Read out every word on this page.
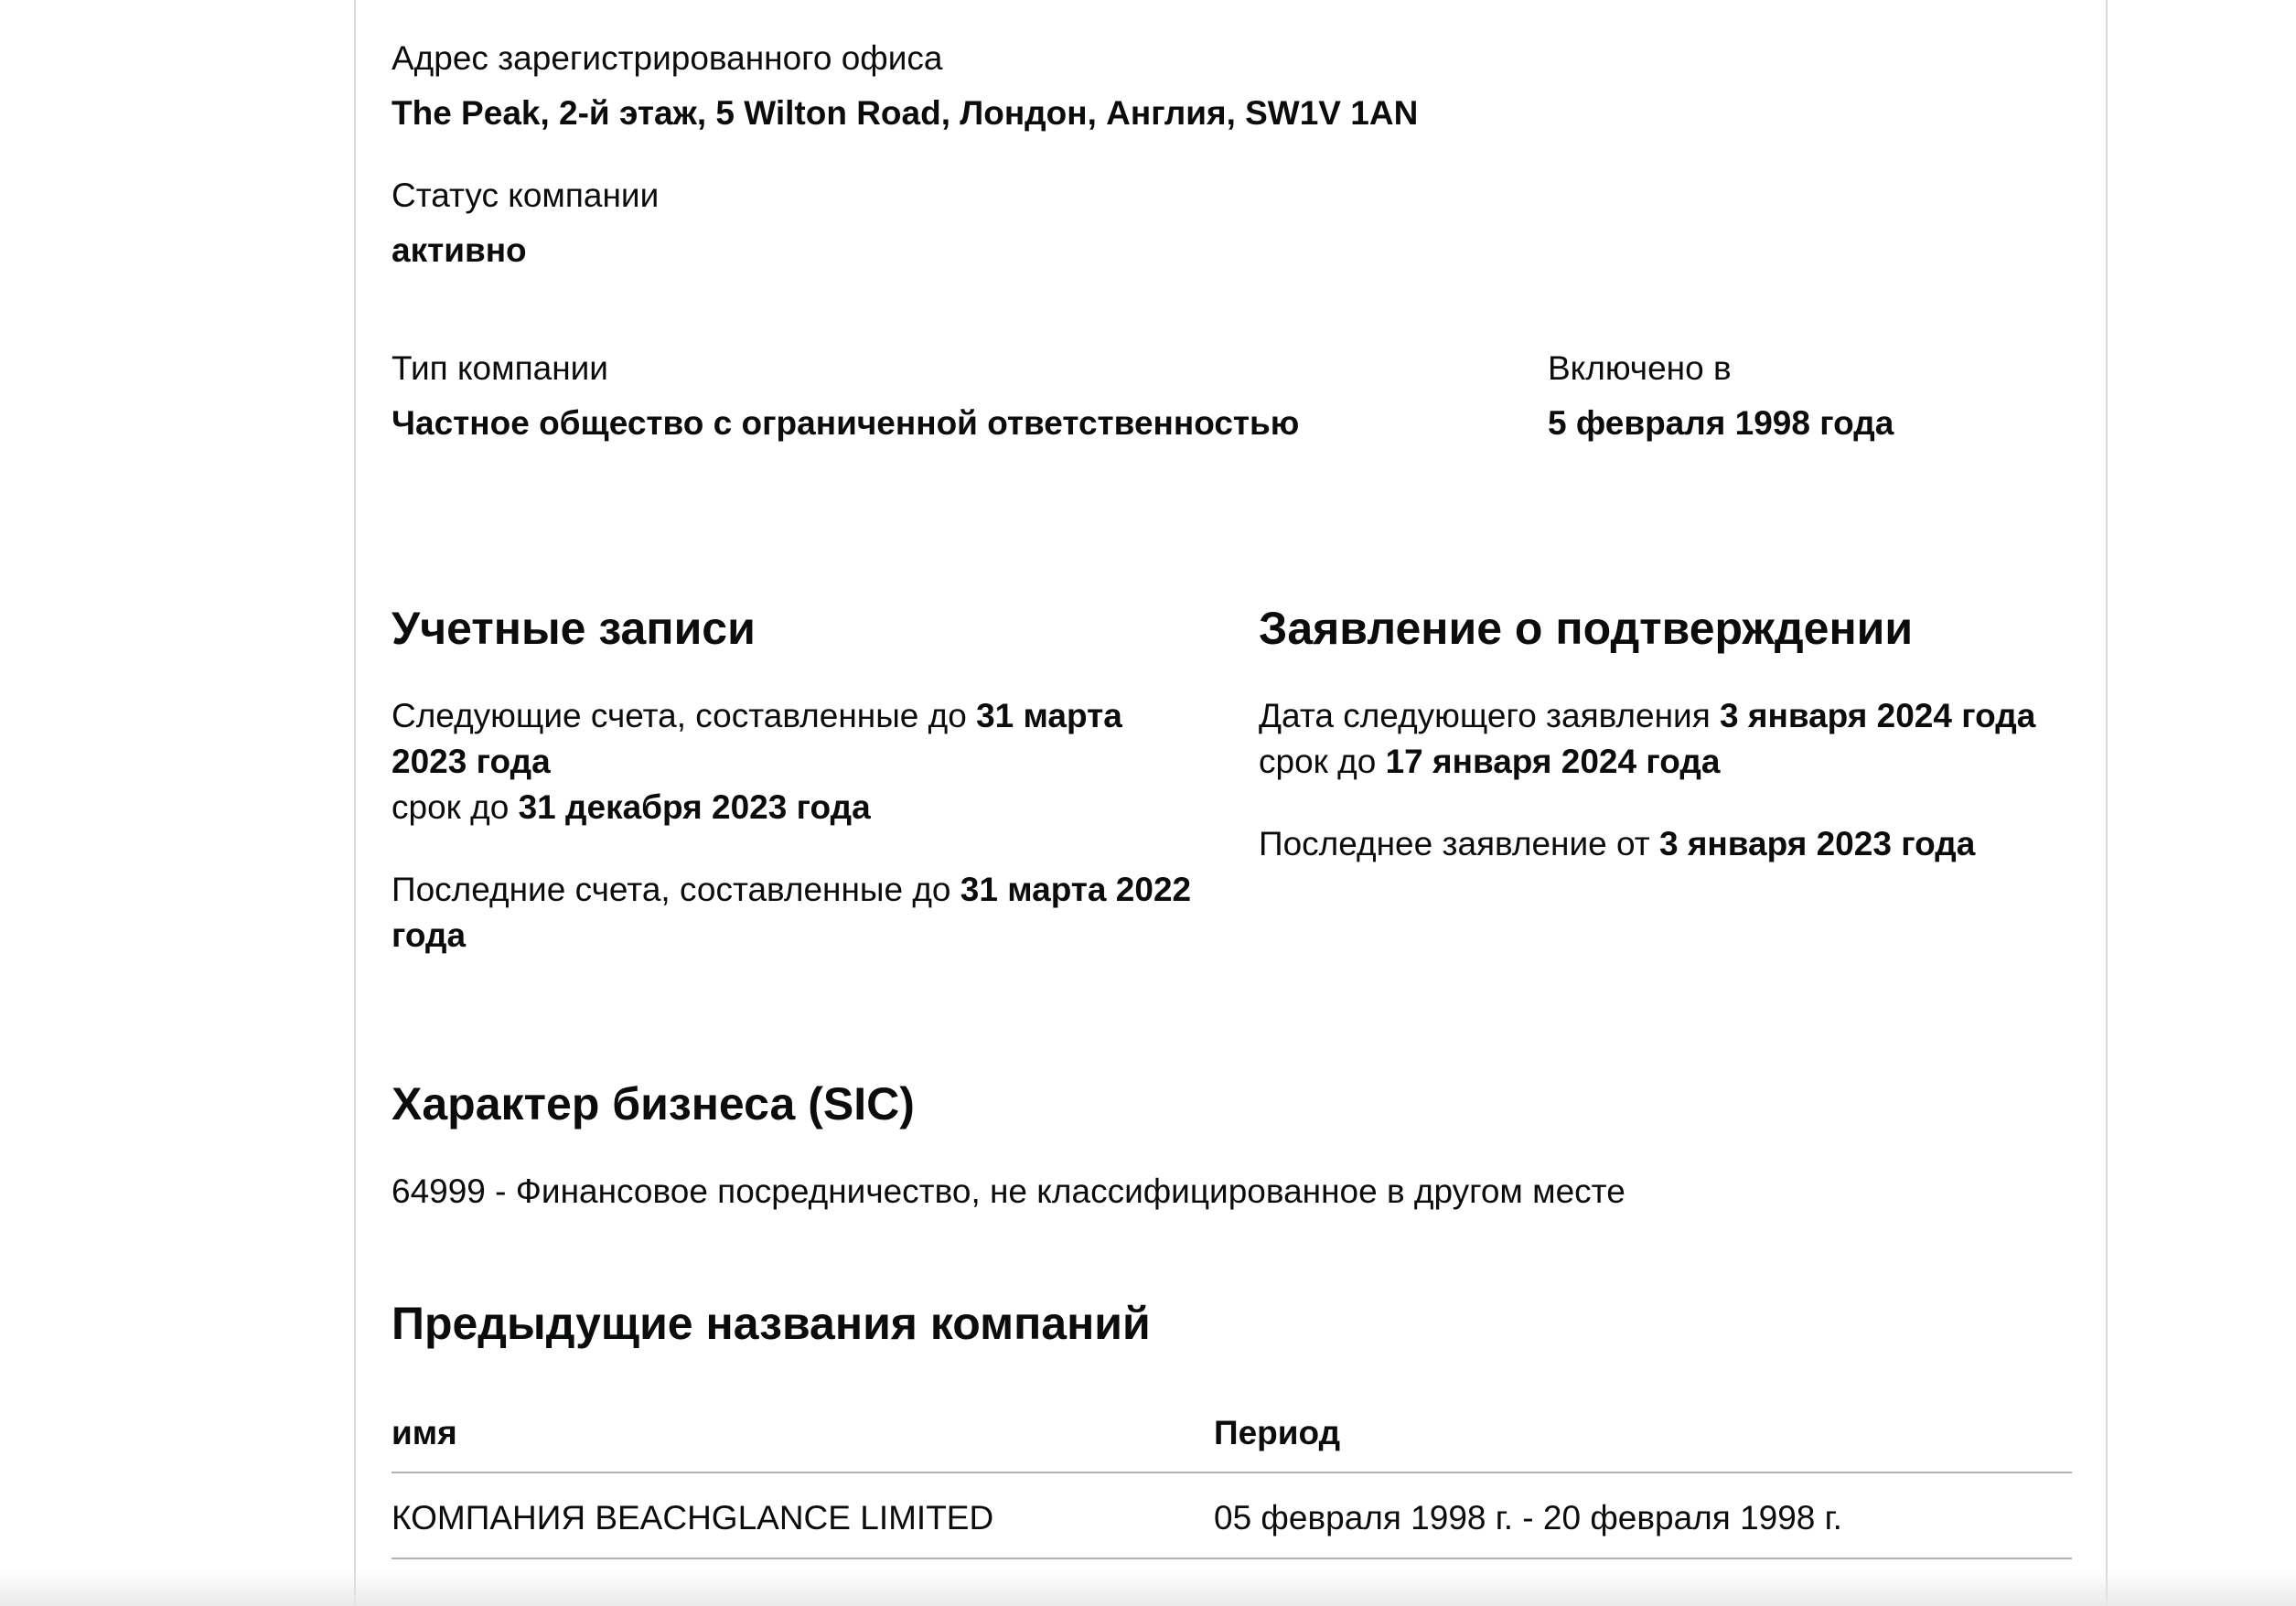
Адрес зарегистрированного офиса
The Peak, 2-й этаж, 5 Wilton Road, Лондон, Англия, SW1V 1AN
Статус компании
активно
Тип компании
Частное общество с ограниченной ответственностью
Включено в
5 февраля 1998 года
Учетные записи
Следующие счета, составленные до 31 марта 2023 года
срок до 31 декабря 2023 года
Последние счета, составленные до 31 марта 2022 года
Заявление о подтверждении
Дата следующего заявления 3 января 2024 года
срок до 17 января 2024 года
Последнее заявление от 3 января 2023 года
Характер бизнеса (SIC)
64999 - Финансовое посредничество, не классифицированное в другом месте
Предыдущие названия компаний
имя	Период
КОМПАНИЯ BEACHGLANCE LIMITED	05 февраля 1998 г. - 20 февраля 1998 г.
